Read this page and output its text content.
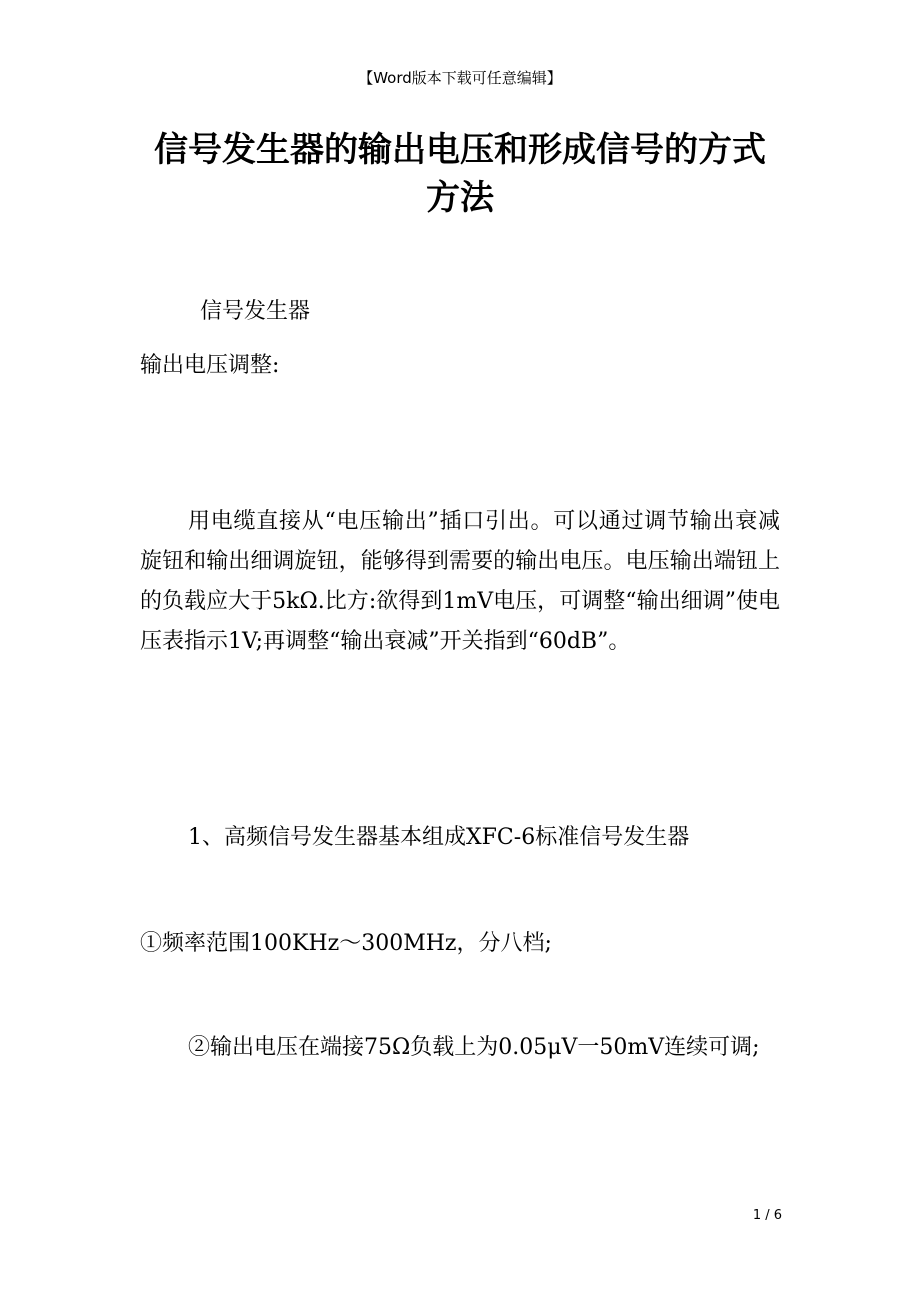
【Word版本下载可任意编辑】
信号发生器的输出电压和形成信号的方式
方法

信号发生器

输出电压调整:

用电缆直接从“电压输出”插口引出。可以通过调节输出衰减旋钮和输出细调旋钮，能够得到需要的输出电压。电压输出端钮上的负载应大于5kΩ.比方:欲得到1mV电压，可调整“输出细调”使电压表指示1V;再调整“输出衰减”开关指到“60dB”。

1、高频信号发生器基本组成XFC-6标准信号发生器

①频率范围100KHz～300MHz，分八档;

②输出电压在端接75Ω负载上为0.05μV一50mV连续可调;

1 / 6
